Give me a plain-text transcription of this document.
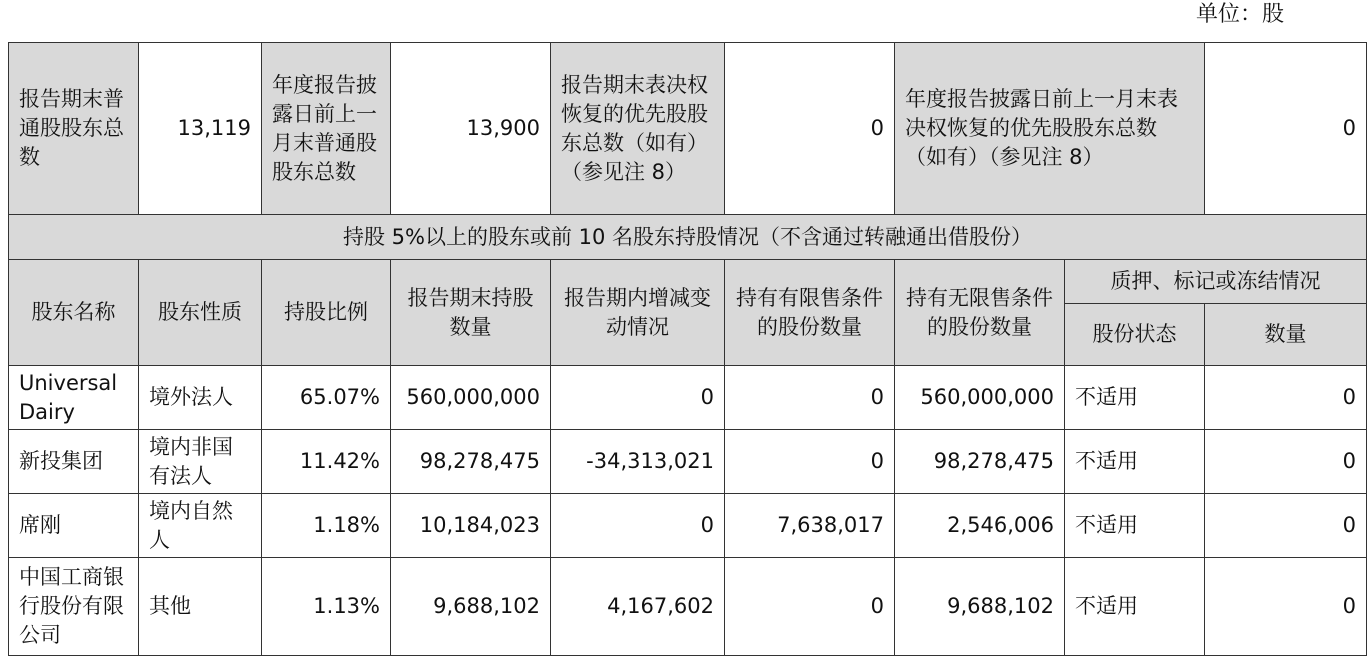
单位：股
报告期末普通股股东总数	13,119	年度报告披露日前上一月末普通股股东总数	13,900	报告期末表决权恢复的优先股股东总数（如有）（参见注 8）	0	年度报告披露日前上一月末表决权恢复的优先股股东总数（如有）（参见注 8）		0
持股 5%以上的股东或前 10 名股东持股情况（不含通过转融通出借股份）								
股东名称	股东性质	持股比例	报告期末持股数量	报告期内增减变动情况	持有有限售条件的股份数量	持有无限售条件的股份数量	质押、标记或冻结情况	
							股份状态	数量
Universal Dairy	境外法人	65.07%	560,000,000	0	0	560,000,000	不适用	0
新投集团	境内非国有法人	11.42%	98,278,475	-34,313,021	0	98,278,475	不适用	0
席刚	境内自然人	1.18%	10,184,023	0	7,638,017	2,546,006	不适用	0
中国工商银行股份有限公司	其他	1.13%	9,688,102	4,167,602	0	9,688,102	不适用	0
